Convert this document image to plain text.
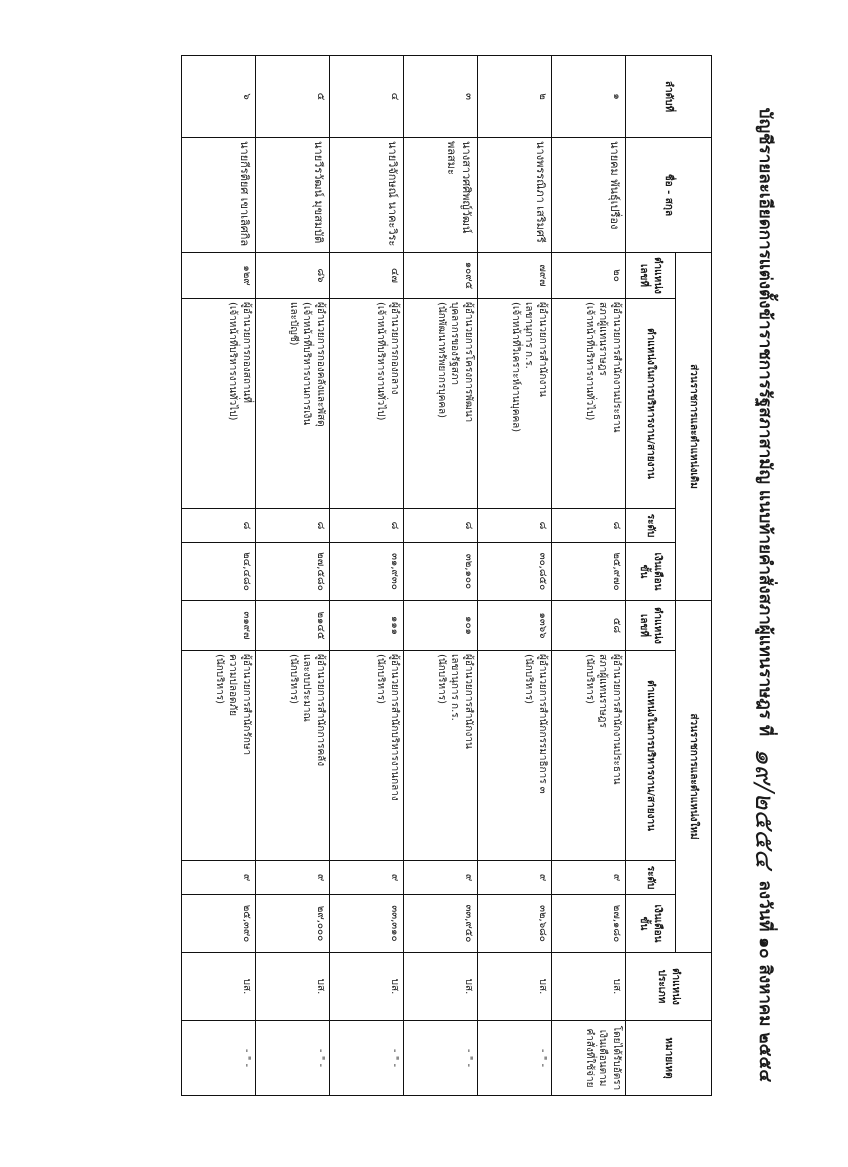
บัญชีรายละเอียดการแต่งตั้งข้าราชการรัฐสภาสามัญ แนบท้ายคำสั่งสภาผู้แทนราษฎร ที่ ๑๙/๒๕๕๔ ลงวันที่ ๑๐ สิงหาคม ๒๕๕๔
ลำดับที่	ชื่อ - สกุล	ส่วนราชการและตำแหน่งเดิม				ส่วนราชการและตำแหน่งใหม่				ตำแหน่งประเภท	หมายเหตุ
		ตำแหน่งเลขที่	ตำแหน่งในการบริหารงาน/สายงาน	ระดับ	เงินเดือน ขั้น	ตำแหน่งเลขที่	ตำแหน่งในการบริหารงาน/สายงาน	ระดับ	เงินเดือน ขั้น		
๑	นายคม พันธุ์เปรื่อง	๒๐	ผู้อำนวยการสำนักงานประธาน
สภาผู้แทนราษฎร
(เจ้าหน้าที่บริหารงานทั่วไป)	๘	๒๕,๙๗๐	๕๘	ผู้อำนวยการสำนักงานประธาน
สภาผู้แทนราษฎร
(นักบริหาร)	๙	๒๗,๑๘๐	บส.	โดยได้รับอัตราเงินเดือนตามคำสั่งที่ใช้จ่าย
๒	นางพรรณิภา เสริมศรี	๗๙๗	ผู้อำนวยการสำนักงาน
เลขานุการ ก.ร.
(เจ้าหน้าที่วิเคราะห์งานบุคคล)	๘	๓๐,๘๕๐	๑๓๖๖	ผู้อำนวยการสำนักกรรมาธิการ ๓
(นักบริหาร)	๙	๓๒,๖๘๐	บส.	- " -
๓	นางสาวศศิพญ์วัฒน์ พลสมะ	๑๐๙๕	ผู้อำนวยการโครงการพัฒนา
บุคลากรของรัฐสภา
(นักพัฒนาทรัพยากรบุคคล)	๘	๓๒,๑๐๐	๑๐๑	ผู้อำนวยการสำนักงาน
เลขานุการ ก.ร.
(นักบริหาร)	๙	๓๓,๙๕๐	บส.	- " -
๔	นายวิจักษณ์ นาคะวิระ	๔๗	ผู้อำนวยการกองกลาง
(เจ้าหน้าที่บริหารงานทั่วไป)	๘	๓๑,๙๓๐	๑๑๑	ผู้อำนวยการสำนักบริหารงานกลาง
(นักบริหาร)	๙	๓๓,๓๑๐	บส.	- " -
๕	นายวีรวัฒน์ มุขสมบัติ	๘๖	ผู้อำนวยการกองคลังและพัสดุ
(เจ้าหน้าที่บริหารงานการเงิน
และบัญชี)	๘	๒๗,๕๘๐	๒๑๔๕	ผู้อำนวยการสำนักการคลัง
และงบประมาณ
(นักบริหาร)	๙	๒๙,๐๐๐	บส.	- " -
๖	นายกีรติยศ เขาเลิศกิล	๑๒๙	ผู้อำนวยการกองสถานที่
(เจ้าหน้าที่บริหารงานทั่วไป)	๘	๒๔,๔๘๐	๓๑๙๗	ผู้อำนวยการสำนักรักษา
ความปลอดภัย
(นักบริหาร)	๙	๒๕,๓๙๐	บส.	- " -
